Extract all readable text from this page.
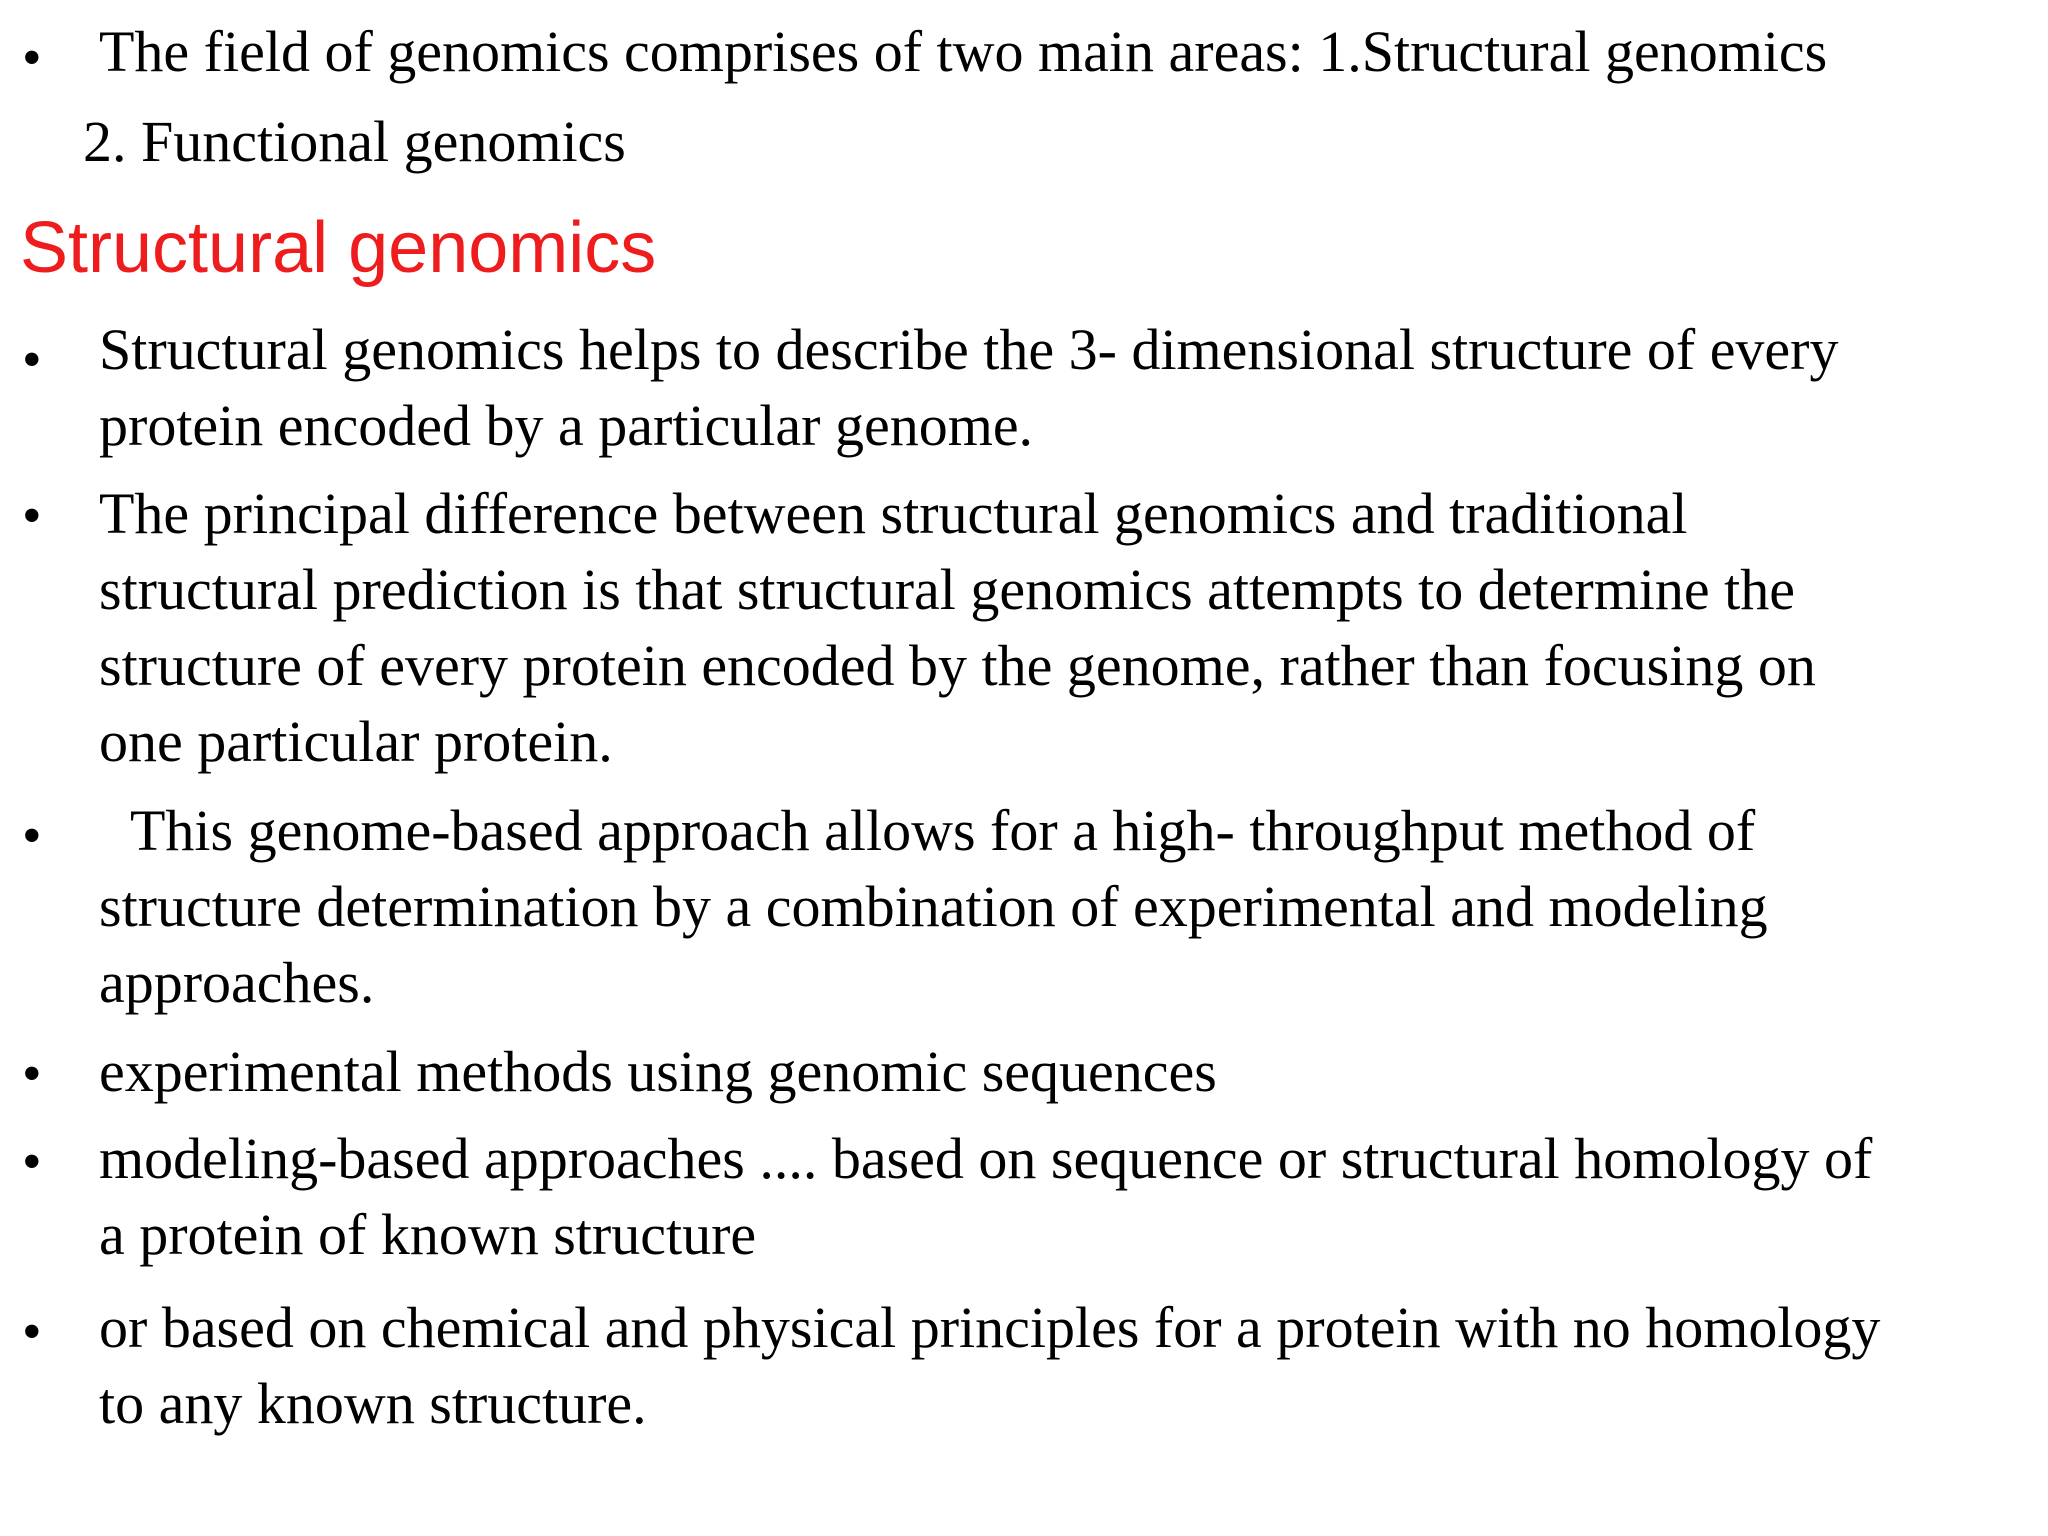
• The field of genomics comprises of two main areas: 1.Structural genomics
2. Functional genomics
Structural genomics
• Structural genomics helps to describe the 3- dimensional structure of every
protein encoded by a particular genome.
• The principal difference between structural genomics and traditional
structural prediction is that structural genomics attempts to determine the
structure of every protein encoded by the genome, rather than focusing on
one particular protein.
• This genome-based approach allows for a high- throughput method of
structure determination by a combination of experimental and modeling
approaches.
• experimental methods using genomic sequences
• modeling-based approaches .... based on sequence or structural homology of
a protein of known structure
• or based on chemical and physical principles for a protein with no homology
to any known structure.
